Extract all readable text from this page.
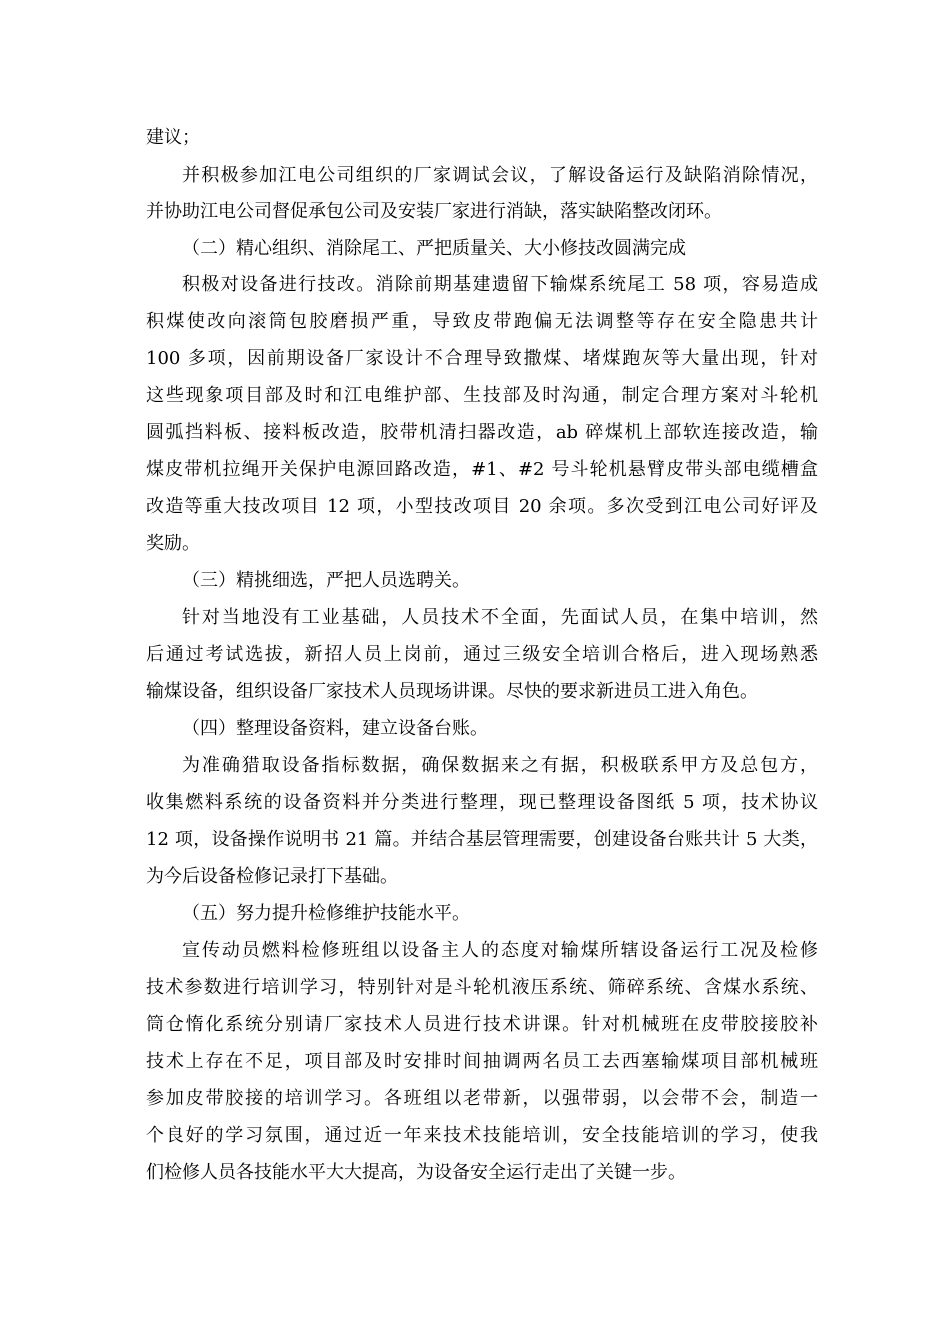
建议；
并积极参加江电公司组织的厂家调试会议，了解设备运行及缺陷消除情况，
并协助江电公司督促承包公司及安装厂家进行消缺，落实缺陷整改闭环。
（二）精心组织、消除尾工、严把质量关、大小修技改圆满完成
积极对设备进行技改。消除前期基建遗留下输煤系统尾工 58 项，容易造成
积煤使改向滚筒包胶磨损严重，导致皮带跑偏无法调整等存在安全隐患共计
100 多项，因前期设备厂家设计不合理导致撒煤、堵煤跑灰等大量出现，针对
这些现象项目部及时和江电维护部、生技部及时沟通，制定合理方案对斗轮机
圆弧挡料板、接料板改造，胶带机清扫器改造，ab 碎煤机上部软连接改造，输
煤皮带机拉绳开关保护电源回路改造，#1、#2 号斗轮机悬臂皮带头部电缆槽盒
改造等重大技改项目 12 项，小型技改项目 20 余项。多次受到江电公司好评及
奖励。
（三）精挑细选，严把人员选聘关。
针对当地没有工业基础，人员技术不全面，先面试人员，在集中培训，然
后通过考试选拔，新招人员上岗前，通过三级安全培训合格后，进入现场熟悉
输煤设备，组织设备厂家技术人员现场讲课。尽快的要求新进员工进入角色。
（四）整理设备资料，建立设备台账。
为准确猎取设备指标数据，确保数据来之有据，积极联系甲方及总包方，
收集燃料系统的设备资料并分类进行整理，现已整理设备图纸 5 项，技术协议
12 项，设备操作说明书 21 篇。并结合基层管理需要，创建设备台账共计 5 大类，
为今后设备检修记录打下基础。
（五）努力提升检修维护技能水平。
宣传动员燃料检修班组以设备主人的态度对输煤所辖设备运行工况及检修
技术参数进行培训学习，特别针对是斗轮机液压系统、筛碎系统、含煤水系统、
筒仓惰化系统分别请厂家技术人员进行技术讲课。针对机械班在皮带胶接胶补
技术上存在不足，项目部及时安排时间抽调两名员工去西塞输煤项目部机械班
参加皮带胶接的培训学习。各班组以老带新，以强带弱，以会带不会，制造一
个良好的学习氛围，通过近一年来技术技能培训，安全技能培训的学习，使我
们检修人员各技能水平大大提高，为设备安全运行走出了关键一步。
